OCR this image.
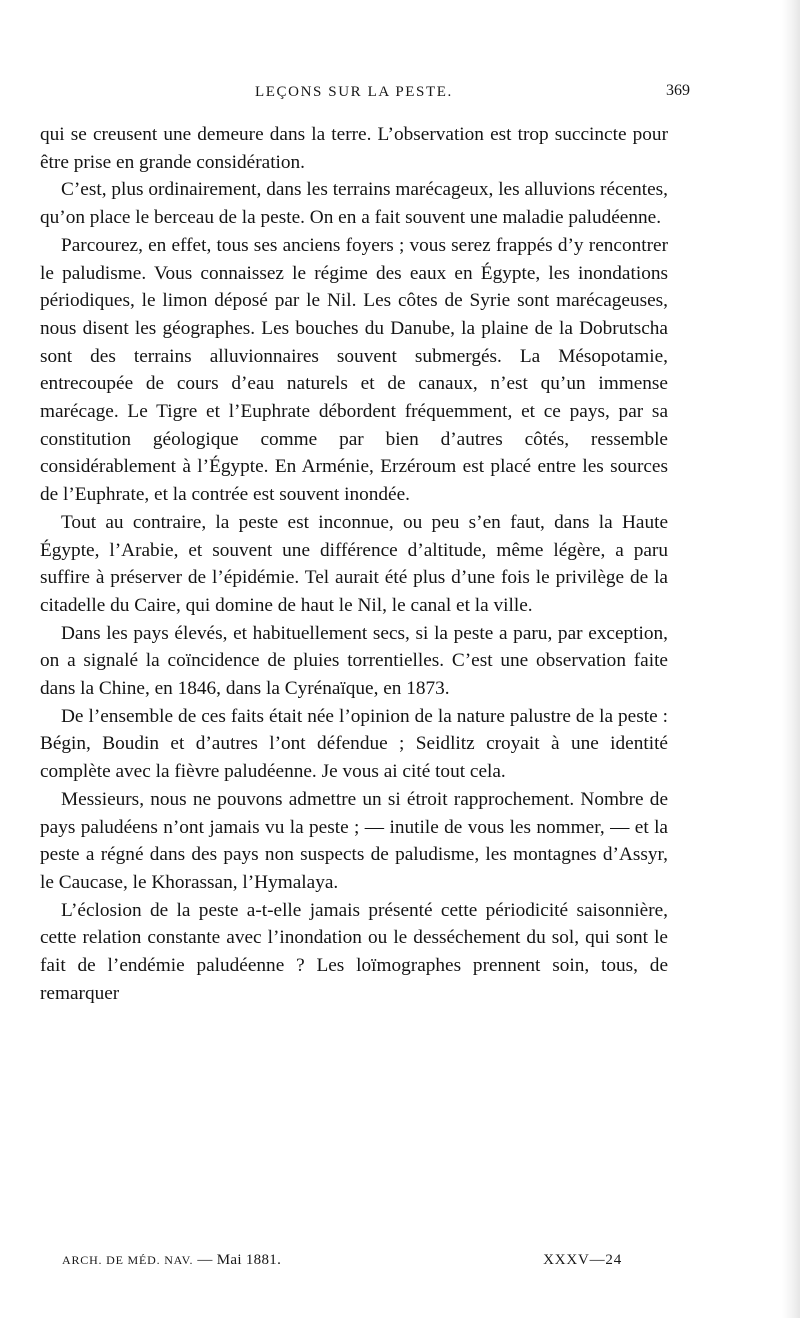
LEÇONS SUR LA PESTE.	369

qui se creusent une demeure dans la terre. L’observation est trop succincte pour être prise en grande considération.

C’est, plus ordinairement, dans les terrains marécageux, les alluvions récentes, qu’on place le berceau de la peste. On en a fait souvent une maladie paludéenne.

Parcourez, en effet, tous ses anciens foyers ; vous serez frappés d’y rencontrer le paludisme. Vous connaissez le régime des eaux en Égypte, les inondations périodiques, le limon déposé par le Nil. Les côtes de Syrie sont marécageuses, nous disent les géographes. Les bouches du Danube, la plaine de la Dobrutscha sont des terrains alluvionnaires souvent submergés. La Mésopotamie, entrecoupée de cours d’eau naturels et de canaux, n’est qu’un immense marécage. Le Tigre et l’Euphrate débordent fréquemment, et ce pays, par sa constitution géologique comme par bien d’autres côtés, ressemble considérablement à l’Égypte. En Arménie, Erzéroum est placé entre les sources de l’Euphrate, et la contrée est souvent inondée.

Tout au contraire, la peste est inconnue, ou peu s’en faut, dans la Haute Égypte, l’Arabie, et souvent une différence d’altitude, même légère, a paru suffire à préserver de l’épidémie. Tel aurait été plus d’une fois le privilège de la citadelle du Caire, qui domine de haut le Nil, le canal et la ville.

Dans les pays élevés, et habituellement secs, si la peste a paru, par exception, on a signalé la coïncidence de pluies torrentielles. C’est une observation faite dans la Chine, en 1846, dans la Cyrénaïque, en 1873.

De l’ensemble de ces faits était née l’opinion de la nature palustre de la peste : Bégin, Boudin et d’autres l’ont défendue ; Seidlitz croyait à une identité complète avec la fièvre paludéenne. Je vous ai cité tout cela.

Messieurs, nous ne pouvons admettre un si étroit rapprochement. Nombre de pays paludéens n’ont jamais vu la peste ; — inutile de vous les nommer, — et la peste a régné dans des pays non suspects de paludisme, les montagnes d’Assyr, le Caucase, le Khorassan, l’Hymalaya.

L’éclosion de la peste a-t-elle jamais présenté cette périodicité saisonnière, cette relation constante avec l’inondation ou le desséchement du sol, qui sont le fait de l’endémie paludéenne ? Les loïmographes prennent soin, tous, de remarquer

ARCH. DE MÉD. NAV. — Mai 1881.	XXXV—24
